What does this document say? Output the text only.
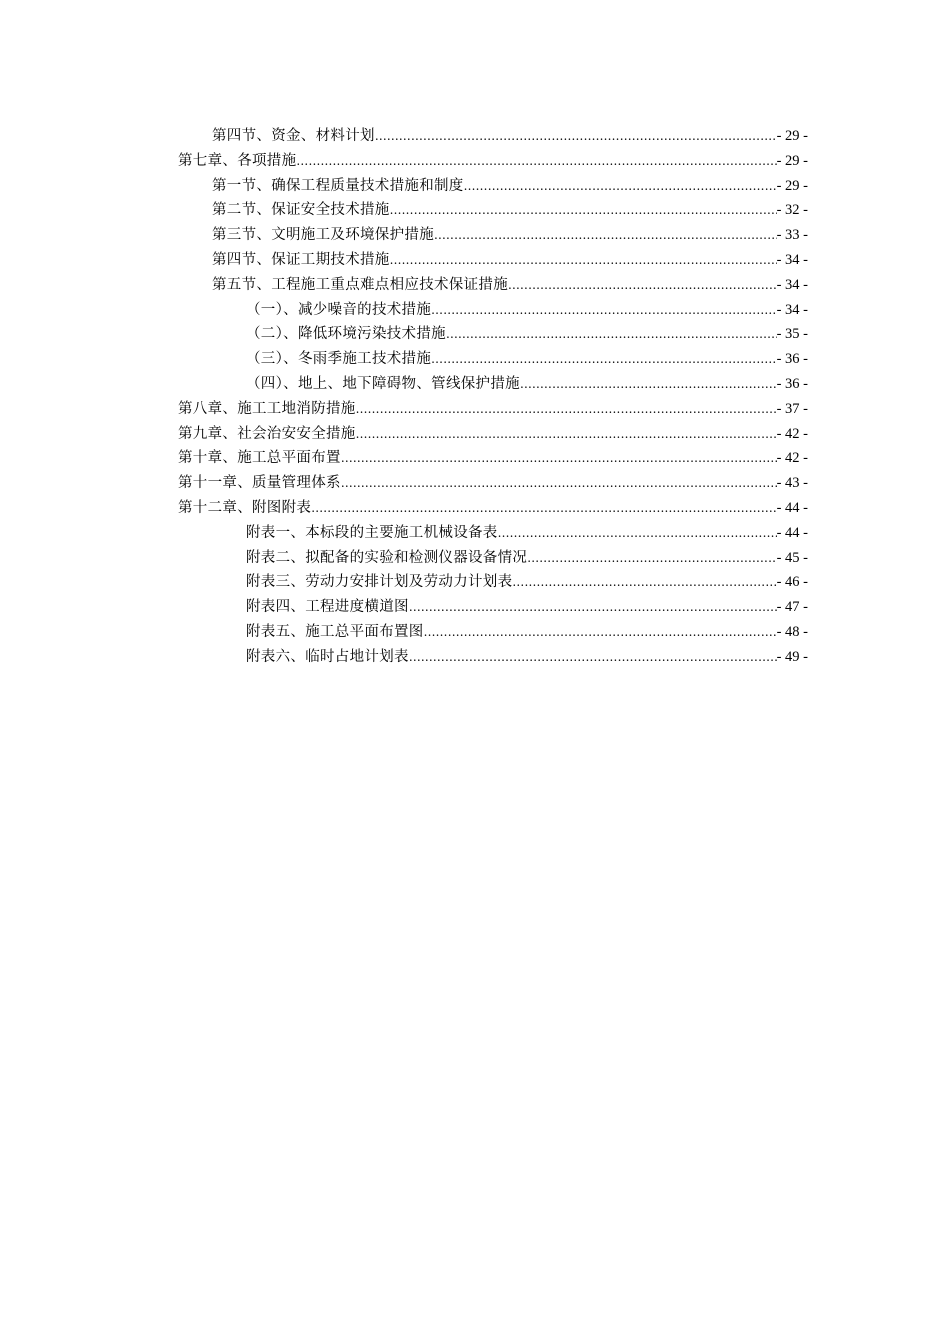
第四节、资金、材料计划 .....	- 29 -
第七章、各项措施 .....	- 29 -
第一节、确保工程质量技术措施和制度 .....	- 29 -
第二节、保证安全技术措施 .....	- 32 -
第三节、文明施工及环境保护措施 .....	- 33 -
第四节、保证工期技术措施 .....	- 34 -
第五节、工程施工重点难点相应技术保证措施 .....	- 34 -
（一）、减少噪音的技术措施 .....	- 34 -
（二）、降低环境污染技术措施 .....	- 35 -
（三）、冬雨季施工技术措施 .....	- 36 -
（四）、地上、地下障碍物、管线保护措施 .....	- 36 -
第八章、施工工地消防措施 .....	- 37 -
第九章、社会治安安全措施 .....	- 42 -
第十章、施工总平面布置 .....	- 42 -
第十一章、质量管理体系 .....	- 43 -
第十二章、附图附表 .....	- 44 -
附表一、本标段的主要施工机械设备表 .....	- 44 -
附表二、拟配备的实验和检测仪器设备情况 .....	- 45 -
附表三、劳动力安排计划及劳动力计划表 .....	- 46 -
附表四、工程进度横道图 .....	- 47 -
附表五、施工总平面布置图 .....	- 48 -
附表六、临时占地计划表 .....	- 49 -
